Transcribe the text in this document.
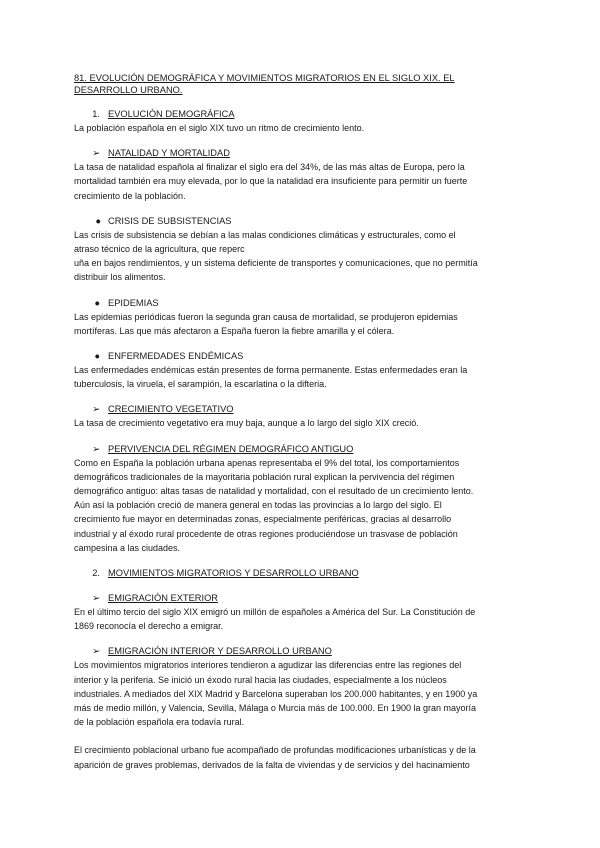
81. EVOLUCIÓN DEMOGRÁFICA Y MOVIMIENTOS MIGRATORIOS EN EL SIGLO XIX. EL
DESARROLLO URBANO.

1. EVOLUCIÓN DEMOGRÁFICA

La población española en el siglo XIX tuvo un ritmo de crecimiento lento.

➢ NATALIDAD Y MORTALIDAD

La tasa de natalidad española al finalizar el siglo era del 34%, de las más altas de Europa, pero la

mortalidad también era muy elevada, por lo que la natalidad era insuficiente para permitir un fuerte

crecimiento de la población.

● CRISIS DE SUBSISTENCIAS

Las crisis de subsistencia se debían a las malas condiciones climáticas y estructurales, como el

atraso técnico de la agricultura, que reperc

uña en bajos rendimientos, y un sistema deficiente de transportes y comunicaciones, que no permitía

distribuir los alimentos.

● EPIDEMIAS

Las epidemias periódicas fueron la segunda gran causa de mortalidad, se produjeron epidemias

mortíferas. Las que más afectaron a España fueron la fiebre amarilla y el cólera.

● ENFERMEDADES ENDÉMICAS

Las enfermedades endémicas están presentes de forma permanente. Estas enfermedades eran la

tuberculosis, la viruela, el sarampión, la escarlatina o la difteria.

➢ CRECIMIENTO VEGETATIVO

La tasa de crecimiento vegetativo era muy baja, aunque a lo largo del siglo XIX creció.

➢ PERVIVENCIA DEL RÉGIMEN DEMOGRÁFICO ANTIGUO

Como en España la población urbana apenas representaba el 9% del total, los comportamientos

demográficos tradicionales de la mayoritaria población rural explican la pervivencia del régimen

demográfico antiguo: altas tasas de natalidad y mortalidad, con el resultado de un crecimiento lento.

Aún así la población creció de manera general en todas las provincias a lo largo del siglo. El

crecimiento fue mayor en determinadas zonas, especialmente periféricas, gracias al desarrollo

industrial y al éxodo rural procedente de otras regiones produciéndose un trasvase de población

campesina a las ciudades.

2. MOVIMIENTOS MIGRATORIOS Y DESARROLLO URBANO

➢ EMIGRACIÓN EXTERIOR

En el último tercio del siglo XIX emigró un millón de españoles a América del Sur. La Constitución de

1869 reconocía el derecho a emigrar.

➢ EMIGRACIÓN INTERIOR Y DESARROLLO URBANO

Los movimientos migratorios interiores tendieron a agudizar las diferencias entre las regiones del

interior y la periferia. Se inició un éxodo rural hacia las ciudades, especialmente a los núcleos

industriales. A mediados del XIX Madrid y Barcelona superaban los 200.000 habitantes, y en 1900 ya

más de medio millón, y Valencia, Sevilla, Málaga o Murcia más de 100.000. En 1900 la gran mayoría

de la población española era todavía rural.

El crecimiento poblacional urbano fue acompañado de profundas modificaciones urbanísticas y de la

aparición de graves problemas, derivados de la falta de viviendas y de servicios y del hacinamiento
